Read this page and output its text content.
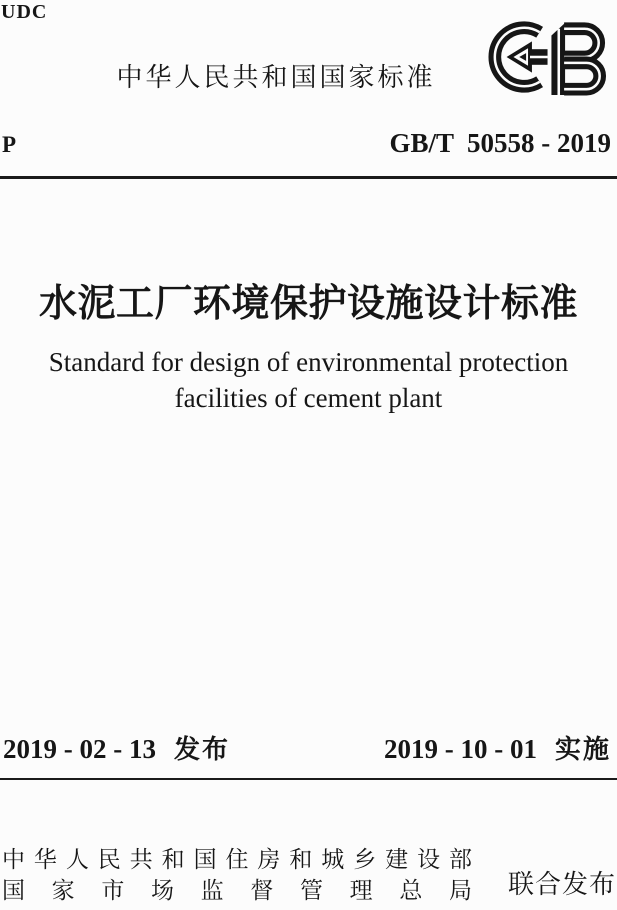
UDC
中华人民共和国国家标准
P	GB/T  50558 - 2019
水泥工厂环境保护设施设计标准
Standard for design of environmental protection
facilities of cement plant
2019 - 02 - 13 发布	2019 - 10 - 01 实施
中华人民共和国住房和城乡建设部
国家市场监督管理总局 联合发布
